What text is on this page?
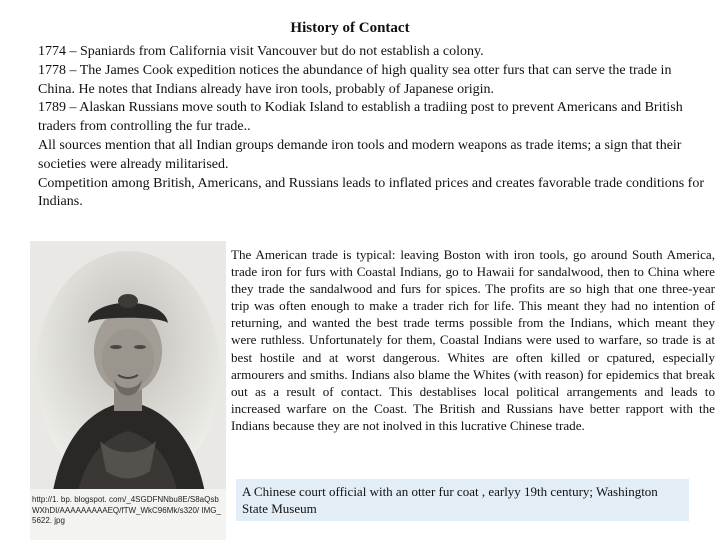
History of Contact

1774 – Spaniards from California visit Vancouver but do not establish a colony.

1778 – The James Cook expedition notices the abundance of high quality sea otter furs that can serve the trade in China. He notes that Indians already have iron tools, probably of Japanese origin.

1789 – Alaskan Russians move south to Kodiak Island to establish a tradiing post to prevent Americans and British traders from controlling the fur trade..

All sources mention that all Indian groups demande iron tools and modern weapons as trade items; a sign that their societies were already militarised.

Competition among British, Americans, and Russians leads to inflated prices and creates favorable trade conditions for Indians.

http://1. bp. blogspot. com/_4SGDFNNbu8E/S8aQsb WXhDI/AAAAAAAAAEQ/fTW_WkC96Mk/s320/ IMG_5622. jpg
The American trade is typical: leaving Boston with iron tools, go around South America, trade iron for furs with Coastal Indians, go to Hawaii for sandalwood, then to China where they trade the sandalwood and furs for spices. The profits are so high that one three-year trip was often enough to make a trader rich for life. This meant they had no intention of returning, and wanted the best trade terms possible from the Indians, which meant they were ruthless. Unfortunately for them, Coastal Indians were used to warfare, so trade is at best hostile and at worst dangerous. Whites are often killed or cpatured, especially armourers and smiths. Indians also blame the Whites (with reason) for epidemics that break out as a result of contact. This destablises local political arrangements and leads to increased warfare on the Coast. The British and Russians have better rapport with the Indians because they are not inolved in this lucrative Chinese trade.
A Chinese court official with an otter fur coat , earlyy 19th century; Washington State Museum
